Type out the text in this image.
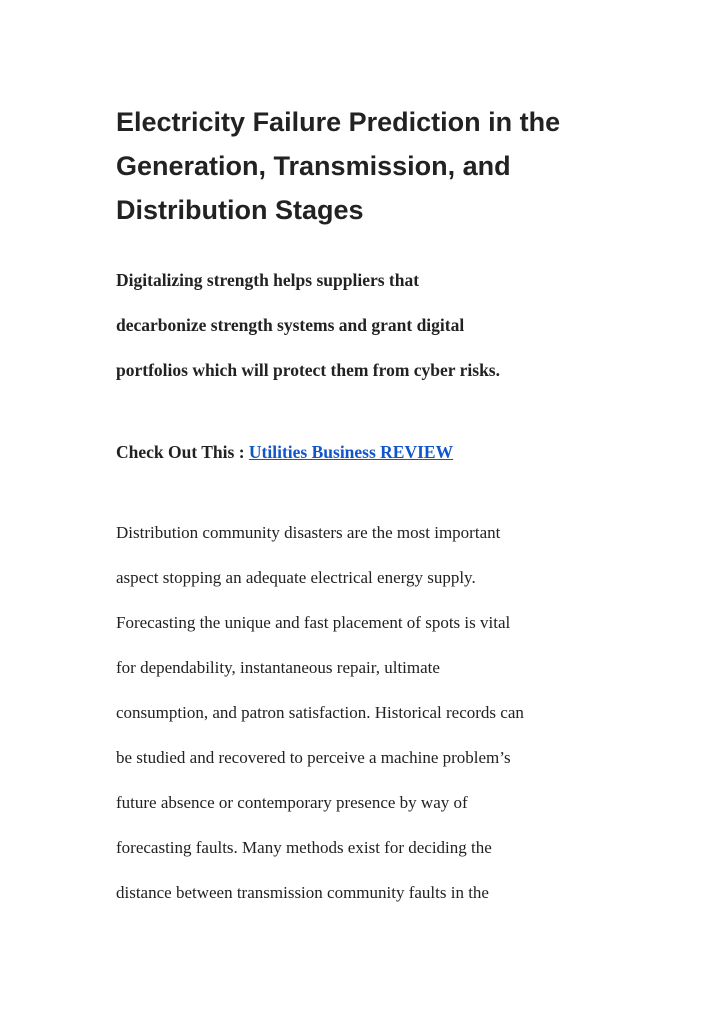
Electricity Failure Prediction in the
Generation, Transmission, and
Distribution Stages

Digitalizing strength helps suppliers that
decarbonize strength systems and grant digital
portfolios which will protect them from cyber risks.

Check Out This : Utilities Business REVIEW

Distribution community disasters are the most important
aspect stopping an adequate electrical energy supply.
Forecasting the unique and fast placement of spots is vital
for dependability, instantaneous repair, ultimate
consumption, and patron satisfaction. Historical records can
be studied and recovered to perceive a machine problem’s
future absence or contemporary presence by way of
forecasting faults. Many methods exist for deciding the
distance between transmission community faults in the
